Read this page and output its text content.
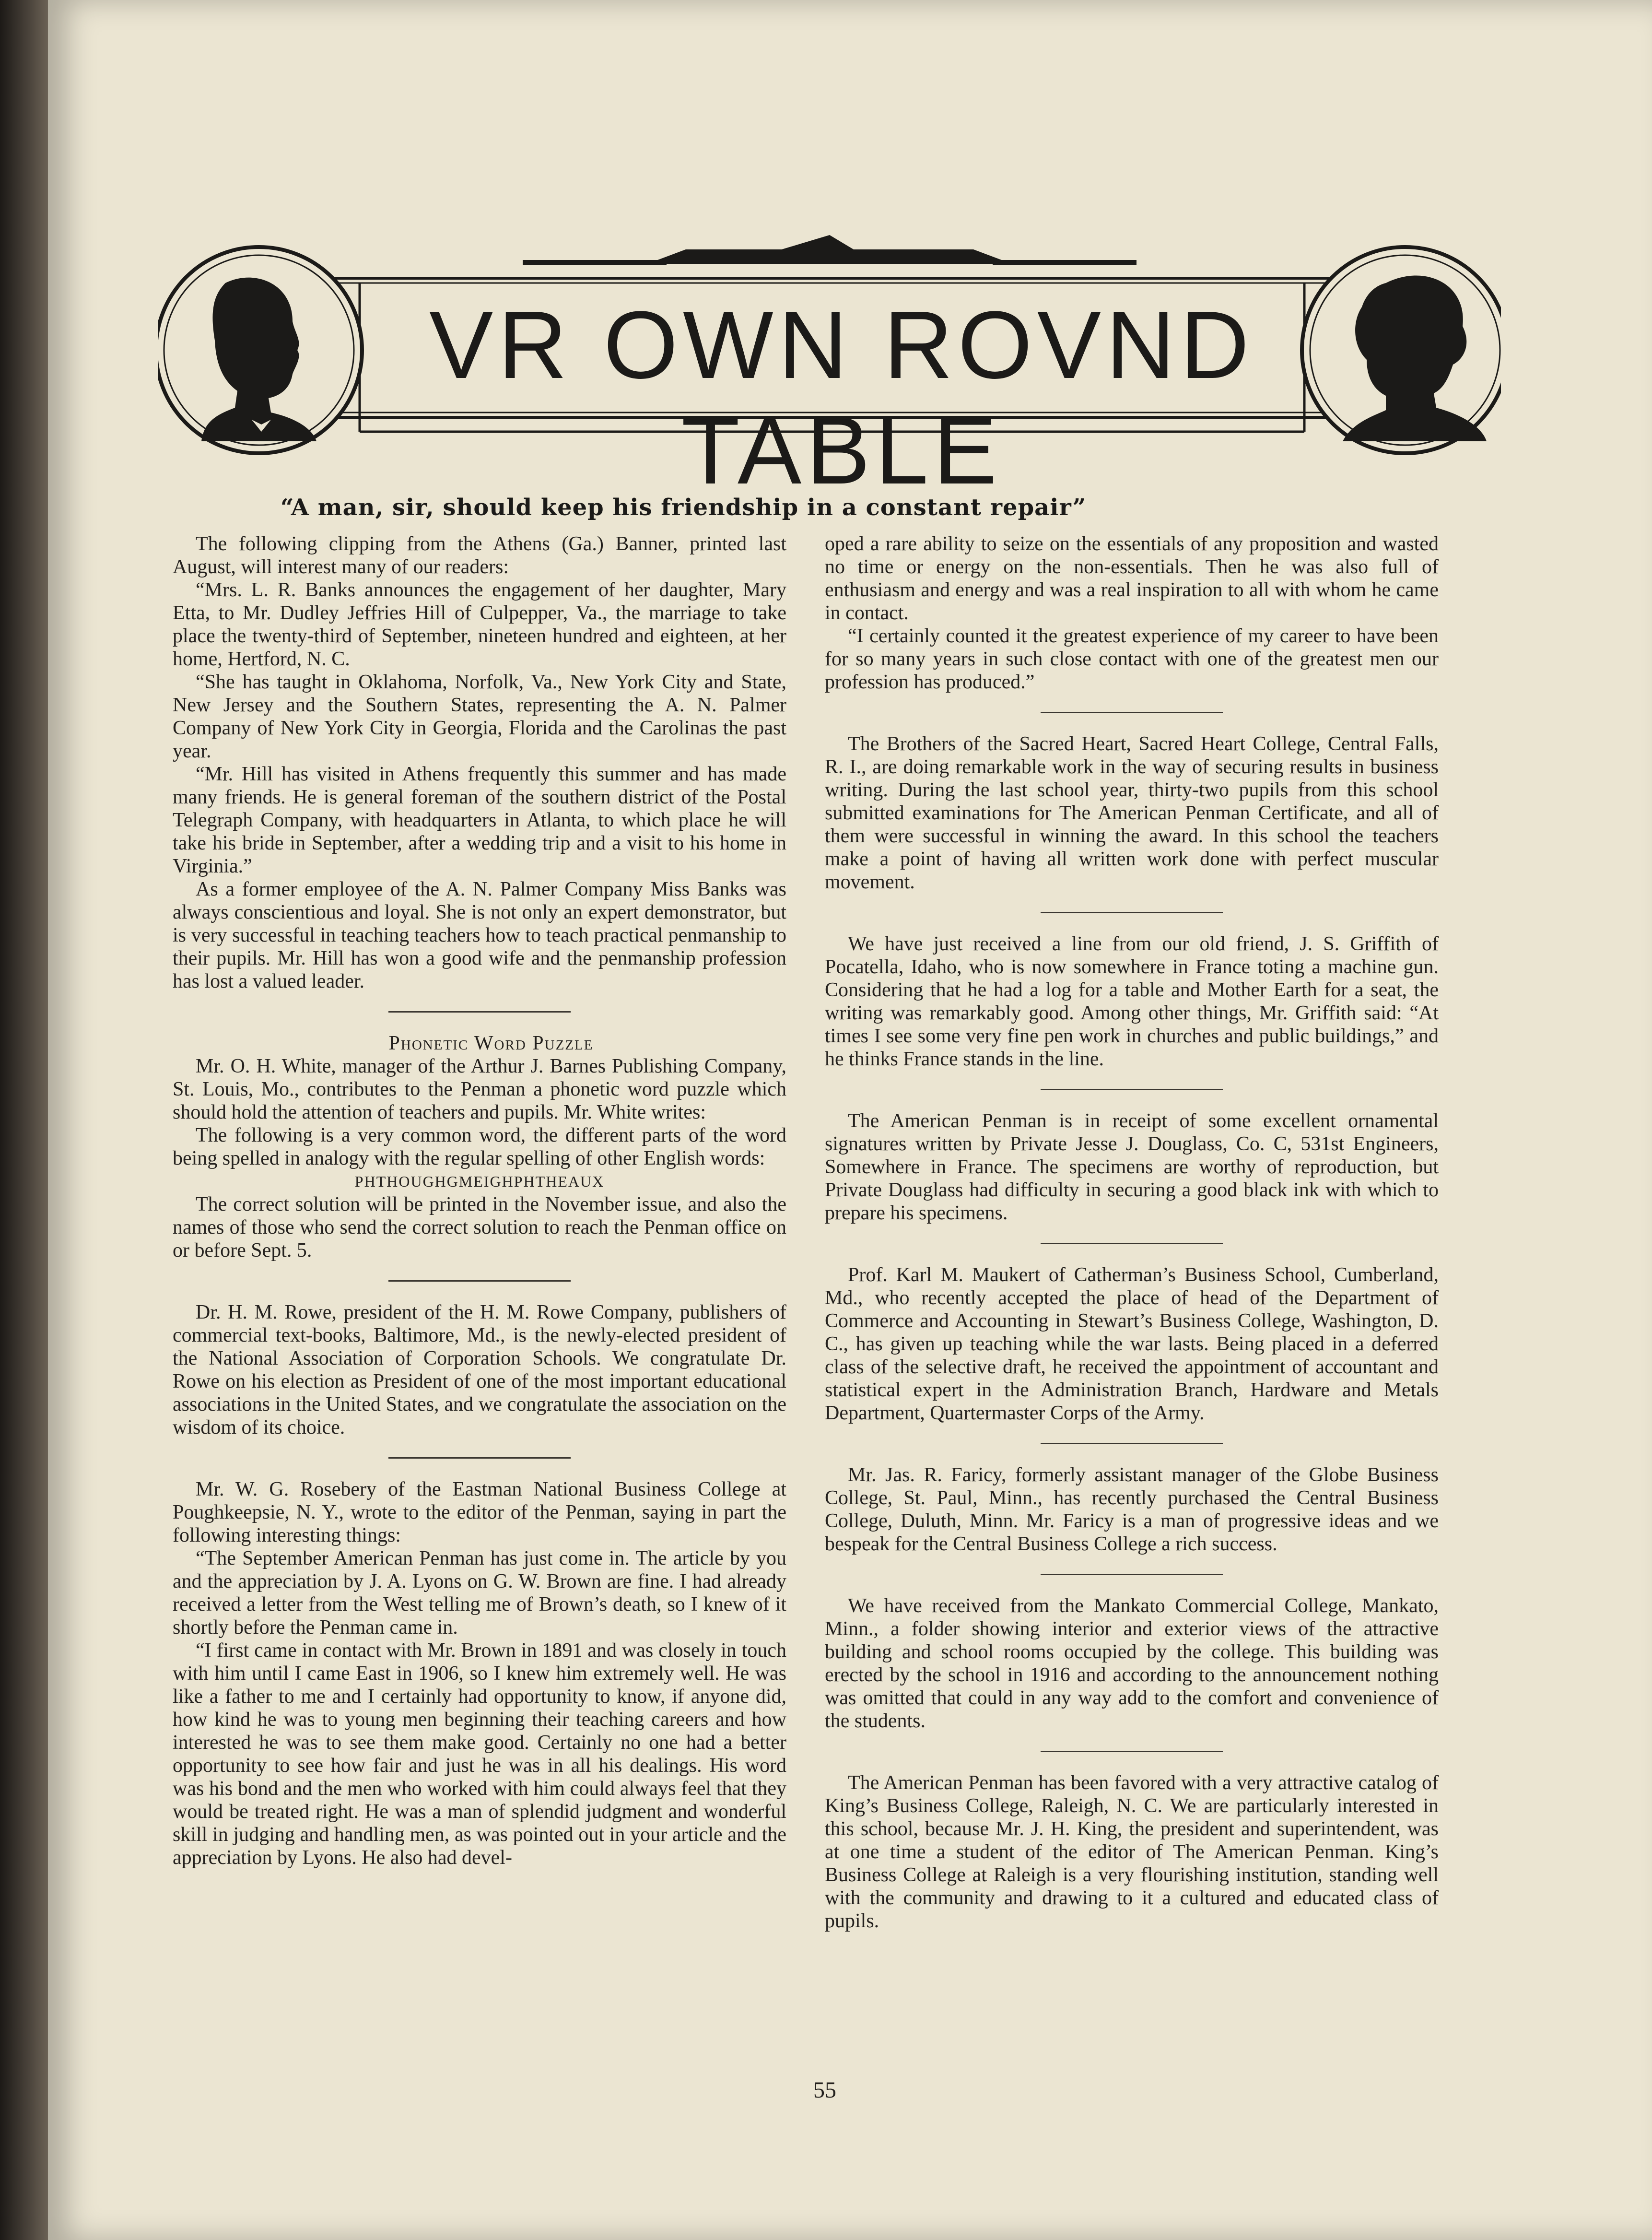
VR OWN ROVND TABLE
“A man, sir, should keep his friendship in a constant repair”

The following clipping from the Athens (Ga.) Banner, printed last August, will interest many of our readers:

“Mrs. L. R. Banks announces the engagement of her daughter, Mary Etta, to Mr. Dudley Jeffries Hill of Culpepper, Va., the marriage to take place the twenty-third of September, nineteen hundred and eighteen, at her home, Hertford, N. C.

“She has taught in Oklahoma, Norfolk, Va., New York City and State, New Jersey and the Southern States, representing the A. N. Palmer Company of New York City in Georgia, Florida and the Carolinas the past year.

“Mr. Hill has visited in Athens frequently this summer and has made many friends. He is general foreman of the southern district of the Postal Telegraph Company, with headquarters in Atlanta, to which place he will take his bride in September, after a wedding trip and a visit to his home in Virginia.”

As a former employee of the A. N. Palmer Company Miss Banks was always conscientious and loyal. She is not only an expert demonstrator, but is very successful in teaching teachers how to teach practical penmanship to their pupils. Mr. Hill has won a good wife and the penmanship profession has lost a valued leader.

Phonetic Word Puzzle

Mr. O. H. White, manager of the Arthur J. Barnes Publishing Company, St. Louis, Mo., contributes to the Penman a phonetic word puzzle which should hold the attention of teachers and pupils. Mr. White writes:

The following is a very common word, the different parts of the word being spelled in analogy with the regular spelling of other English words:

PHTHOUGHGMEIGHPHTHEAUX

The correct solution will be printed in the November issue, and also the names of those who send the correct solution to reach the Penman office on or before Sept. 5.

Dr. H. M. Rowe, president of the H. M. Rowe Company, publishers of commercial text-books, Baltimore, Md., is the newly-elected president of the National Association of Corporation Schools. We congratulate Dr. Rowe on his election as President of one of the most important educational associations in the United States, and we congratulate the association on the wisdom of its choice.

Mr. W. G. Rosebery of the Eastman National Business College at Poughkeepsie, N. Y., wrote to the editor of the Penman, saying in part the following interesting things:

“The September American Penman has just come in. The article by you and the appreciation by J. A. Lyons on G. W. Brown are fine. I had already received a letter from the West telling me of Brown’s death, so I knew of it shortly before the Penman came in.

“I first came in contact with Mr. Brown in 1891 and was closely in touch with him until I came East in 1906, so I knew him extremely well. He was like a father to me and I certainly had opportunity to know, if anyone did, how kind he was to young men beginning their teaching careers and how interested he was to see them make good. Certainly no one had a better opportunity to see how fair and just he was in all his dealings. His word was his bond and the men who worked with him could always feel that they would be treated right. He was a man of splendid judgment and wonderful skill in judging and handling men, as was pointed out in your article and the appreciation by Lyons. He also had devel-

oped a rare ability to seize on the essentials of any proposition and wasted no time or energy on the non-essentials. Then he was also full of enthusiasm and energy and was a real inspiration to all with whom he came in contact.

“I certainly counted it the greatest experience of my career to have been for so many years in such close contact with one of the greatest men our profession has produced.”

The Brothers of the Sacred Heart, Sacred Heart College, Central Falls, R. I., are doing remarkable work in the way of securing results in business writing. During the last school year, thirty-two pupils from this school submitted examinations for The American Penman Certificate, and all of them were successful in winning the award. In this school the teachers make a point of having all written work done with perfect muscular movement.

We have just received a line from our old friend, J. S. Griffith of Pocatella, Idaho, who is now somewhere in France toting a machine gun. Considering that he had a log for a table and Mother Earth for a seat, the writing was remarkably good. Among other things, Mr. Griffith said: “At times I see some very fine pen work in churches and public buildings,” and he thinks France stands in the line.

The American Penman is in receipt of some excellent ornamental signatures written by Private Jesse J. Douglass, Co. C, 531st Engineers, Somewhere in France. The specimens are worthy of reproduction, but Private Douglass had difficulty in securing a good black ink with which to prepare his specimens.

Prof. Karl M. Maukert of Catherman’s Business School, Cumberland, Md., who recently accepted the place of head of the Department of Commerce and Accounting in Stewart’s Business College, Washington, D. C., has given up teaching while the war lasts. Being placed in a deferred class of the selective draft, he received the appointment of accountant and statistical expert in the Administration Branch, Hardware and Metals Department, Quartermaster Corps of the Army.

Mr. Jas. R. Faricy, formerly assistant manager of the Globe Business College, St. Paul, Minn., has recently purchased the Central Business College, Duluth, Minn. Mr. Faricy is a man of progressive ideas and we bespeak for the Central Business College a rich success.

We have received from the Mankato Commercial College, Mankato, Minn., a folder showing interior and exterior views of the attractive building and school rooms occupied by the college. This building was erected by the school in 1916 and according to the announcement nothing was omitted that could in any way add to the comfort and convenience of the students.

The American Penman has been favored with a very attractive catalog of King’s Business College, Raleigh, N. C. We are particularly interested in this school, because Mr. J. H. King, the president and superintendent, was at one time a student of the editor of The American Penman. King’s Business College at Raleigh is a very flourishing institution, standing well with the community and drawing to it a cultured and educated class of pupils.

55
